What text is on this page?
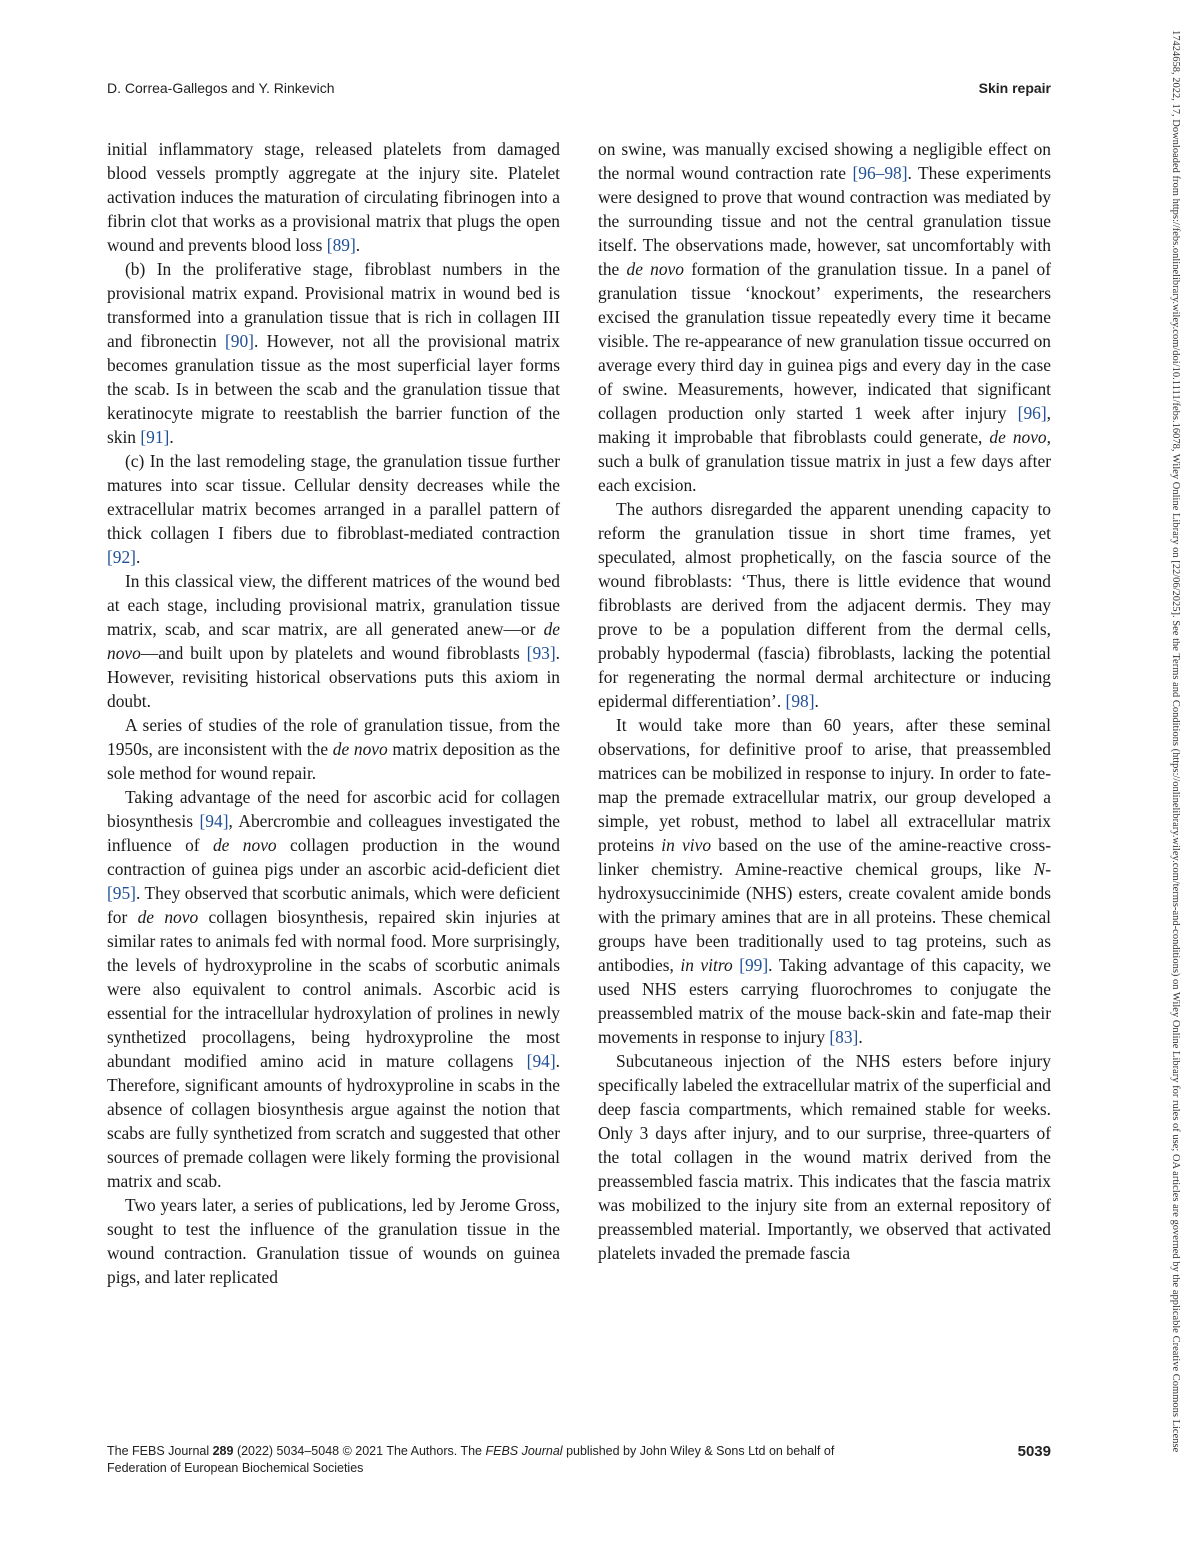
D. Correa-Gallegos and Y. Rinkevich	Skin repair

initial inflammatory stage, released platelets from damaged blood vessels promptly aggregate at the injury site. Platelet activation induces the maturation of circulating fibrinogen into a fibrin clot that works as a provisional matrix that plugs the open wound and prevents blood loss [89].

(b) In the proliferative stage, fibroblast numbers in the provisional matrix expand. Provisional matrix in wound bed is transformed into a granulation tissue that is rich in collagen III and fibronectin [90]. However, not all the provisional matrix becomes granulation tissue as the most superficial layer forms the scab. Is in between the scab and the granulation tissue that keratinocyte migrate to reestablish the barrier function of the skin [91].

(c) In the last remodeling stage, the granulation tissue further matures into scar tissue. Cellular density decreases while the extracellular matrix becomes arranged in a parallel pattern of thick collagen I fibers due to fibroblast-mediated contraction [92].

In this classical view, the different matrices of the wound bed at each stage, including provisional matrix, granulation tissue matrix, scab, and scar matrix, are all generated anew—or de novo—and built upon by platelets and wound fibroblasts [93]. However, revisiting historical observations puts this axiom in doubt.

A series of studies of the role of granulation tissue, from the 1950s, are inconsistent with the de novo matrix deposition as the sole method for wound repair.

Taking advantage of the need for ascorbic acid for collagen biosynthesis [94], Abercrombie and colleagues investigated the influence of de novo collagen production in the wound contraction of guinea pigs under an ascorbic acid-deficient diet [95]. They observed that scorbutic animals, which were deficient for de novo collagen biosynthesis, repaired skin injuries at similar rates to animals fed with normal food. More surprisingly, the levels of hydroxyproline in the scabs of scorbutic animals were also equivalent to control animals. Ascorbic acid is essential for the intracellular hydroxylation of prolines in newly synthetized procollagens, being hydroxyproline the most abundant modified amino acid in mature collagens [94]. Therefore, significant amounts of hydroxyproline in scabs in the absence of collagen biosynthesis argue against the notion that scabs are fully synthetized from scratch and suggested that other sources of premade collagen were likely forming the provisional matrix and scab.

Two years later, a series of publications, led by Jerome Gross, sought to test the influence of the granulation tissue in the wound contraction. Granulation tissue of wounds on guinea pigs, and later replicated

on swine, was manually excised showing a negligible effect on the normal wound contraction rate [96–98]. These experiments were designed to prove that wound contraction was mediated by the surrounding tissue and not the central granulation tissue itself. The observations made, however, sat uncomfortably with the de novo formation of the granulation tissue. In a panel of granulation tissue ‘knockout’ experiments, the researchers excised the granulation tissue repeatedly every time it became visible. The re-appearance of new granulation tissue occurred on average every third day in guinea pigs and every day in the case of swine. Measurements, however, indicated that significant collagen production only started 1 week after injury [96], making it improbable that fibroblasts could generate, de novo, such a bulk of granulation tissue matrix in just a few days after each excision.

The authors disregarded the apparent unending capacity to reform the granulation tissue in short time frames, yet speculated, almost prophetically, on the fascia source of the wound fibroblasts: ‘Thus, there is little evidence that wound fibroblasts are derived from the adjacent dermis. They may prove to be a population different from the dermal cells, probably hypodermal (fascia) fibroblasts, lacking the potential for regenerating the normal dermal architecture or inducing epidermal differentiation’. [98].

It would take more than 60 years, after these seminal observations, for definitive proof to arise, that preassembled matrices can be mobilized in response to injury. In order to fate-map the premade extracellular matrix, our group developed a simple, yet robust, method to label all extracellular matrix proteins in vivo based on the use of the amine-reactive cross-linker chemistry. Amine-reactive chemical groups, like N-hydroxysuccinimide (NHS) esters, create covalent amide bonds with the primary amines that are in all proteins. These chemical groups have been traditionally used to tag proteins, such as antibodies, in vitro [99]. Taking advantage of this capacity, we used NHS esters carrying fluorochromes to conjugate the preassembled matrix of the mouse back-skin and fate-map their movements in response to injury [83].

Subcutaneous injection of the NHS esters before injury specifically labeled the extracellular matrix of the superficial and deep fascia compartments, which remained stable for weeks. Only 3 days after injury, and to our surprise, three-quarters of the total collagen in the wound matrix derived from the preassembled fascia matrix. This indicates that the fascia matrix was mobilized to the injury site from an external repository of preassembled material. Importantly, we observed that activated platelets invaded the premade fascia

The FEBS Journal 289 (2022) 5034–5048 © 2021 The Authors. The FEBS Journal published by John Wiley & Sons Ltd on behalf of Federation of European Biochemical Societies
5039	17424658, 2022, 17, Downloaded from https://febs.onlinelibrary.wiley.com/doi/10.1111/febs.16078, Wiley Online Library on [22/06/2025]. See the Terms and Conditions (https://onlinelibrary.wiley.com/terms-and-conditions) on Wiley Online Library for rules of use; OA articles are governed by the applicable Creative Commons License
